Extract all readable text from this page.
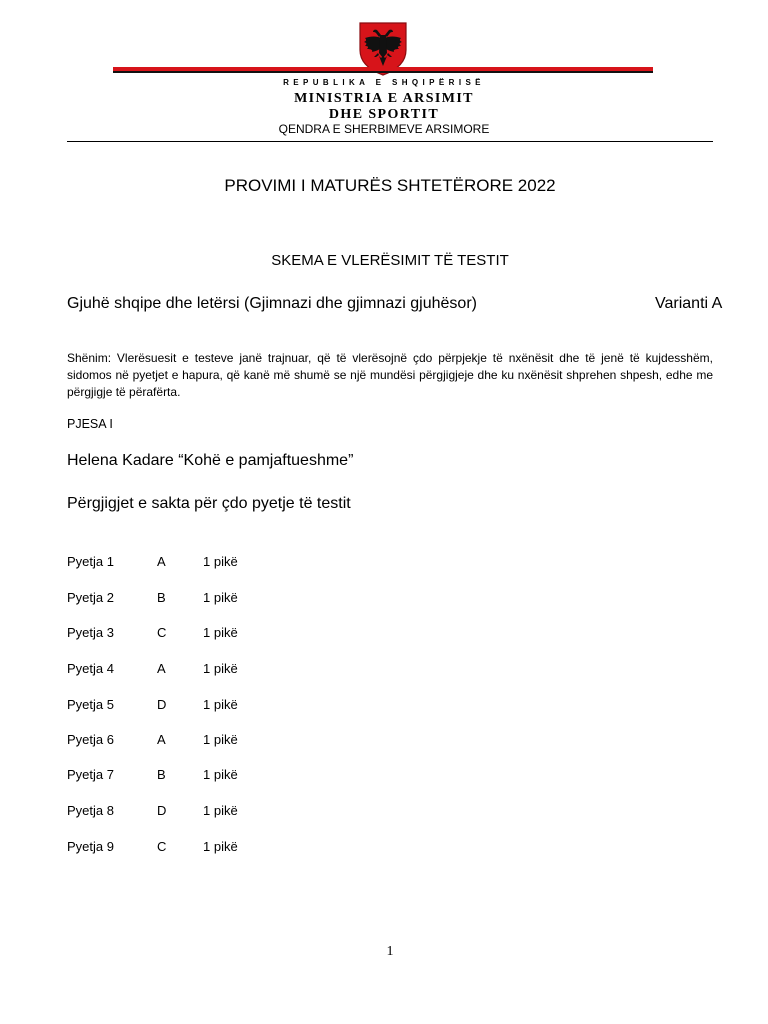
REPUBLIKA E SHQIPËRISË
MINISTRIA E ARSIMIT
DHE SPORTIT
QENDRA E SHERBIMEVE ARSIMORE
PROVIMI I MATURËS SHTETËRORE 2022
SKEMA E VLERËSIMIT TË TESTIT
Gjuhë shqipe dhe letërsi (Gjimnazi dhe gjimnazi gjuhësor)	Varianti A
Shënim: Vlerësuesit e testeve janë trajnuar, që të vlerësojnë çdo përpjekje të nxënësit dhe të jenë të kujdesshëm, sidomos në pyetjet e hapura, që kanë më shumë se një mundësi përgjigjeje dhe ku nxënësit shprehen shpesh, edhe me përgjigje të përafërta.
PJESA I
Helena Kadare “Kohë e pamjaftueshme”
Përgjigjet e sakta për çdo pyetje të testit
Pyetja 1	A	1 pikë
Pyetja 2	B	1 pikë
Pyetja 3	C	1 pikë
Pyetja 4	A	1 pikë
Pyetja 5	D	1 pikë
Pyetja 6	A	1 pikë
Pyetja 7	B	1 pikë
Pyetja 8	D	1 pikë
Pyetja 9	C	1 pikë
1
